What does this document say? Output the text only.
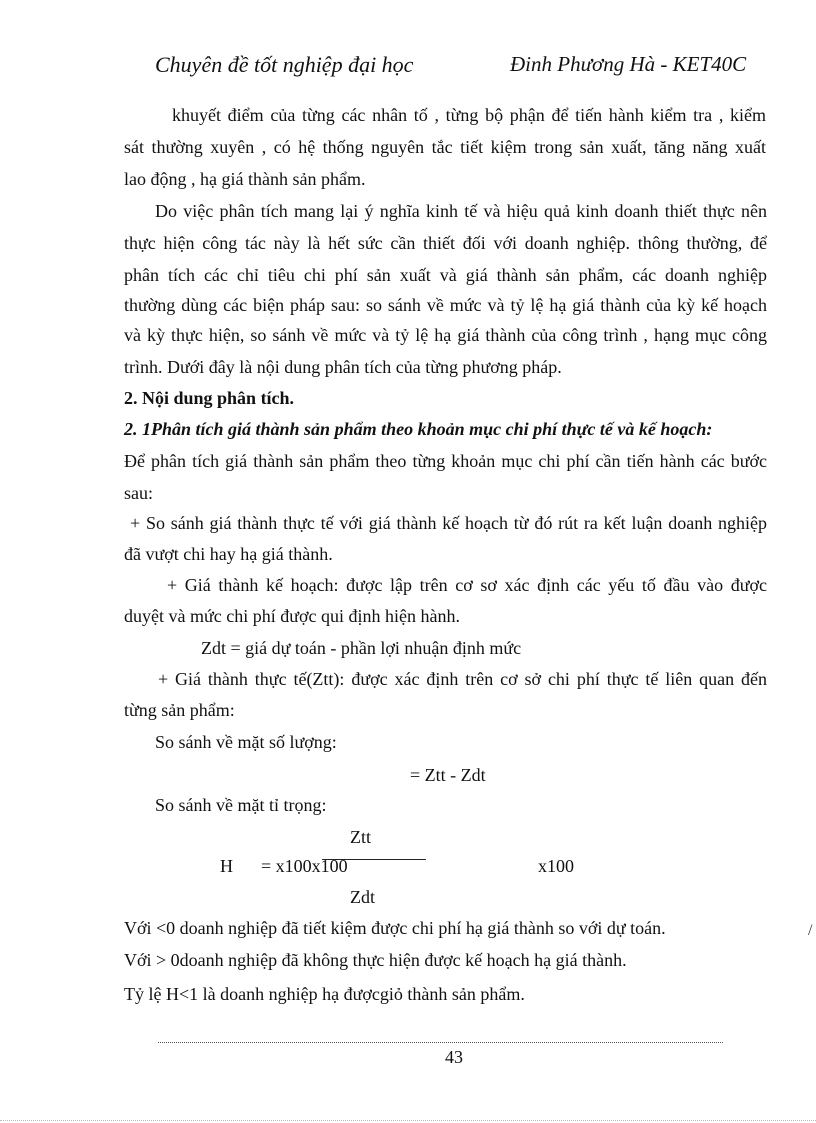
Chuyên đề tốt nghiệp đại học	Đinh Phương Hà - KET40C
khuyết điểm của từng các nhân tố , từng bộ phận để tiến hành kiểm tra , kiểm
sát thường xuyên , có hệ thống nguyên tắc tiết kiệm trong sản xuất, tăng năng xuất
lao động , hạ giá thành sản phẩm.
Do việc phân tích mang lại ý nghĩa kinh tế và hiệu quả kinh doanh thiết thực nên
thực hiện công tác này là hết sức cần thiết đối với doanh nghiệp. thông thường, để
phân tích các chỉ tiêu chi phí sản xuất và giá thành sản phẩm, các doanh nghiệp
thường dùng các biện pháp sau: so sánh về mức và tỷ lệ hạ giá thành của kỳ kế hoạch
và kỳ thực hiện, so sánh về mức và tỷ lệ hạ giá thành của công trình , hạng mục công
trình. Dưới đây là nội dung phân tích của từng phương pháp.
2. Nội dung phân tích.
2. 1Phân tích giá thành sản phẩm theo khoản mục chi phí thực tế và kế hoạch:
Để phân tích giá thành sản phẩm theo từng khoản mục chi phí cần tiến hành các bước
sau:
+ So sánh giá thành thực tế với giá thành kế hoạch từ đó rút ra kết luận doanh nghiệp
đã vượt chi hay hạ giá thành.
+ Giá thành kế hoạch: được lập trên cơ sơ xác định các yếu tố đầu vào được
duyệt và mức chi phí được qui định hiện hành.
Zdt = giá dự toán - phần lợi nhuận định mức
+ Giá thành thực tế(Ztt): được xác định trên cơ sở chi phí thực tế liên quan đến
từng sản phẩm:
So sánh về mặt số lượng:
= Ztt - Zdt
So sánh về mặt tỉ trọng:
Ztt
H = x100x100	x100
Zdt
Với <0 doanh nghiệp đã tiết kiệm được chi phí hạ giá thành so với dự toán.
Với > 0doanh nghiệp đã không thực hiện được kế hoạch hạ giá thành.
Tỷ lệ H<1 là doanh nghiệp hạ đượcgiỏ thành sản phẩm.
/
43
